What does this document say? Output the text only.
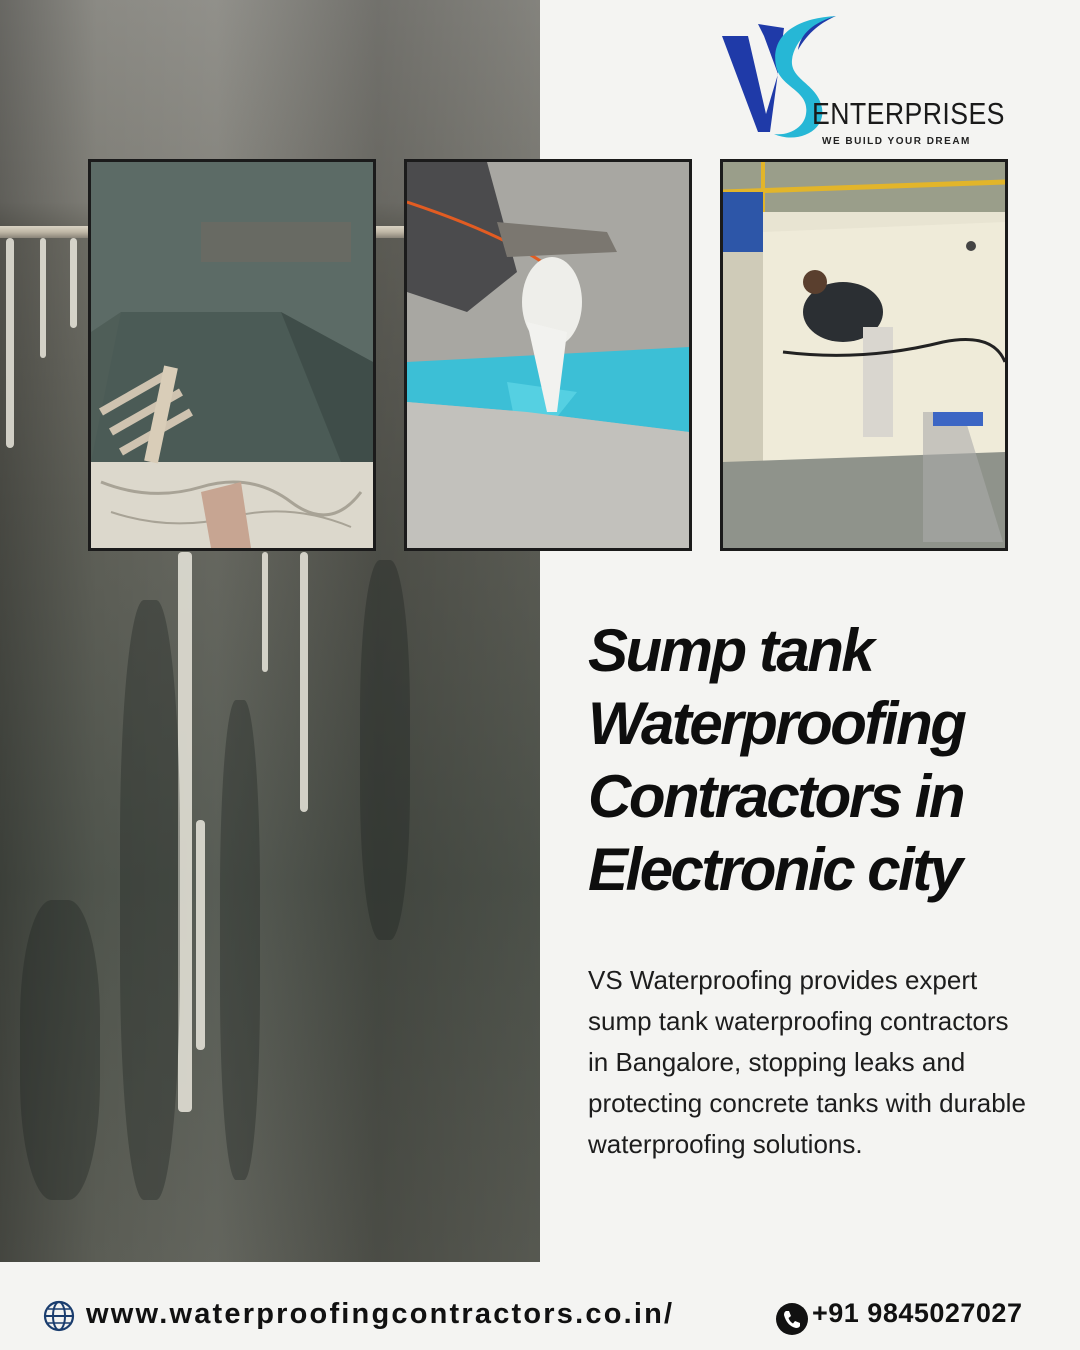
ENTERPRISES
WE BUILD YOUR DREAM
Sump tank
Waterproofing
Contractors in
Electronic city
VS Waterproofing provides expert sump tank waterproofing contractors in Bangalore, stopping leaks and protecting concrete tanks with durable waterproofing solutions.
www.waterproofingcontractors.co.in/	+91 9845027027
